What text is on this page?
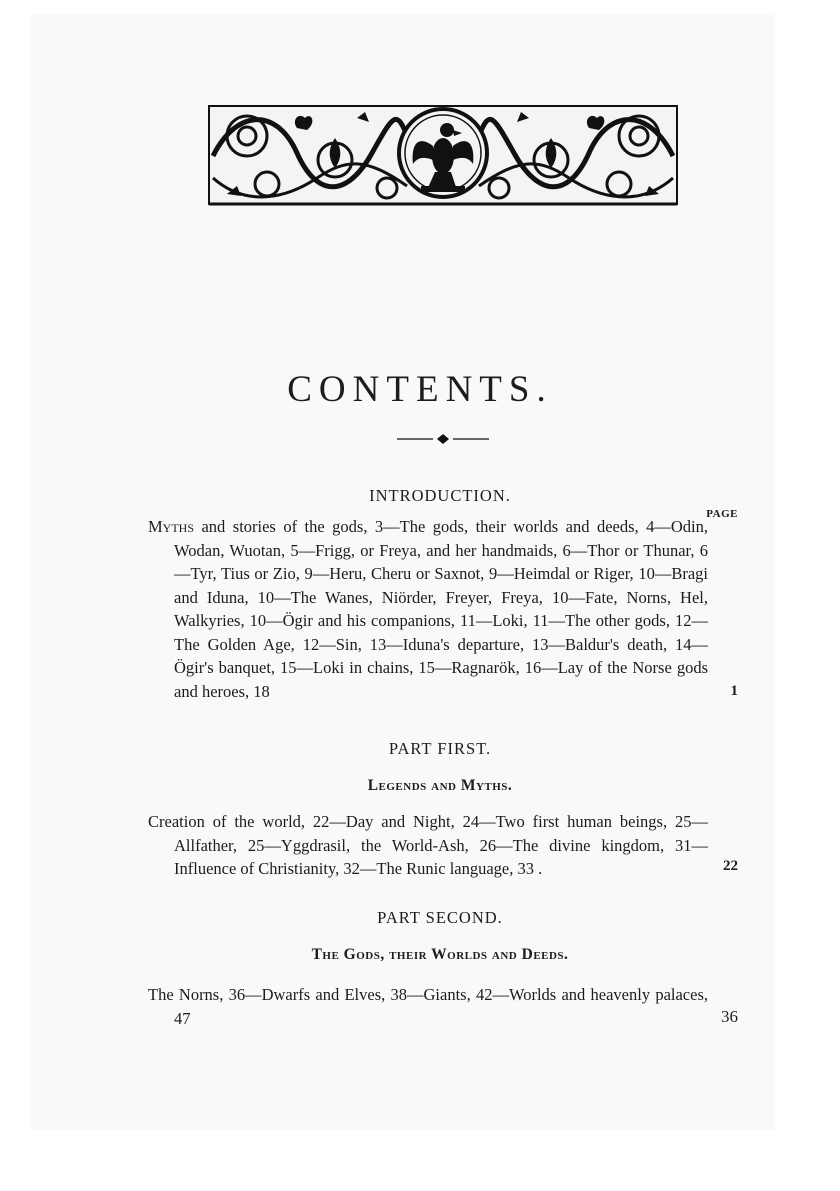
CONTENTS.
INTRODUCTION.
PAGE

Myths and stories of the gods, 3—The gods, their worlds and deeds, 4—Odin, Wodan, Wuotan, 5—Frigg, or Freya, and her handmaids, 6—Thor or Thunar, 6—Tyr, Tius or Zio, 9—Heru, Cheru or Saxnot, 9—Heimdal or Riger, 10—Bragi and Iduna, 10—The Wanes, Niörder, Freyer, Freya, 10—Fate, Norns, Hel, Walkyries, 10—Ögir and his companions, 11—Loki, 11—The other gods, 12—The Golden Age, 12—Sin, 13—Iduna's departure, 13—Baldur's death, 14—Ögir's banquet, 15—Loki in chains, 15—Ragnarök, 16—Lay of the Norse gods and heroes, 18	1
PART FIRST.
Legends and Myths.

Creation of the world, 22—Day and Night, 24—Two first human beings, 25—Allfather, 25—Yggdrasil, the World-Ash, 26—The divine kingdom, 31—Influence of Christianity, 32—The Runic language, 33 .	22
PART SECOND.
The Gods, their Worlds and Deeds.

The Norns, 36—Dwarfs and Elves, 38—Giants, 42—Worlds and heavenly palaces, 47	36
